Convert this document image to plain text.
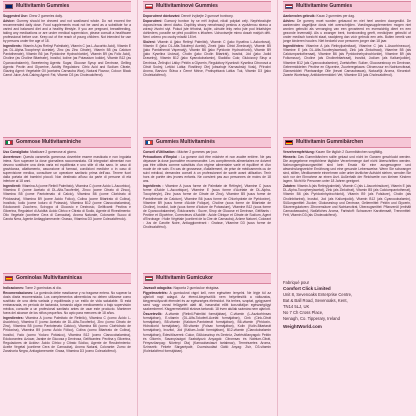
Multivitamin Gummies

Suggested Use: Chew 2 gummies daily.

Advice: Gummy should be chewed and not swallowed whole. Do not exceed the recommended daily dose. Food supplements must not be used as a substitute for a varied and balanced diet and a healthy lifestyle. If you are pregnant, breastfeeding, taking any medications or are under medical supervision, please consult a healthcare professional before use. Keep out of the reach of young children. Not intended for use by persons under the age of 18.

Ingredients: Vitamin A (as Retinyl Palmitate), Vitamin C (as L-Ascorbic Acid), Vitamin E (as DL-Alpha-Tocopheryl Acetate), Zinc (as Zinc Citrate), Vitamin B5 (as Calcium Pantothenate), Vitamin B6 (as Pyridoxine Hydrochloride), Vitamin B9 (as Folic Acid), Choline (as Choline Bitartrate), Inositol, Iodine (as Potassium Iodide), Vitamin B12 (as Cyanocobalamin), Sweetening Agents: Sugar, Glucose Syrup and Dextrose, Gelling Agents: Pectin and Glycerine, Acidity Regulators: Citric Acid and Sodium Citrate, Glazing Agent: Vegetable Oil (contains Carnauba Wax), Natural Flavour, Colour: Black Carrot Juice, Anti-Caking Agent: Fat, Vitamin D3 (as Cholecalciferol).

Gommose Multivitaminiche

Uso Consigliato: Masticare 2 gommose al giorno.

Avvertenze: Questa caramella gommosa dovrebbe essere masticata e non ingoiata intera. Non superare la dose giornaliera raccomandata. Gli integratori alimentari non devono sostituire una dieta varia ed equilibrata e uno stile di vita sano. In caso di gravidanza, allattamento, assunzione di farmaci, condizioni mediche o in caso di supervisione medica, consultare un operatore sanitario prima dell'uso. Tenere fuori dalla portata dei bambini piccoli. Non destinato all'uso da parte di persone di età inferiore ai 18 anni.

Ingredienti: Vitamina A (come Retinil Palmitato), Vitamina C (come Acido L-Ascorbico), Vitamina E (come Acetato di DL-Alfa-Tocoferile), Zinco (come Citrato di Zinco), Vitamina B5 (come Pantotenato di Calcio), Vitamina B6 (come Cloridrato di Piridossina), Vitamina B9 (come Acido Folico), Colina (come Bitartrato di Colina), Inositolo, Iodio (come Ioduro di Potassio), Vitamina B12 (come Cianocobalamina), Edulcoranti: Zucchero, Sciroppo di Glucosio e Destrosio, Gelificanti: Pectina e Glicerina, Regolatori di Acidità: Acido Citrico e Citrato di Sodio, Agente di Rivestimento: Olio Vegetale (contiene Cera di Carnauba), Aroma Naturale, Colorante: Succo di Carota Nera, Agente Antiagglomerante: Grasso, Vitamina D3 (come Colecalciferolo).

Gominolas Multivitamínicas

Indicaciones: Tome 2 gominolas al día.

Recomendaciones: La gominola debe masticarse y no tragarse entera. No superar la dosis diaria recomendada. Los complementos alimenticios no deben utilizarse como sustituto de una dieta variada y equilibrada y un estilo de vida saludable. Si está embarazada, en período de lactancia, tomando algún medicamento o bajo supervisión médica, consulte a un profesional sanitario antes de usar este producto. Mantener fuera del alcance de los niños pequeños. No apto para menores de 18 años.

Ingredientes: Vitamina A (como Palmitato de Retinilo), Vitamina C (como Ácido L-Ascórbico), Vitamina E (como Acetato de DL-Alfa-Tocoferilo), Zinc (como Citrato de Zinc), Vitamina B5 (como Pantotenato Cálcico), Vitamina B6 (como Clorhidrato de Piridoxina), Vitamina B9 (como Ácido Fólico), Colina (como Bitartrato de Colina), Inositol, Yodo (como Yoduro Potásico), Vitamina B12 (como Cianocobalamina), Edulcorantes: Azúcar, Jarabe de Glucosa y Dextrosa, Gelificantes: Pectina y Glicerina, Reguladores de Acidez: Ácido Cítrico y Citrato Sódico, Agente de Recubrimiento: Aceite Vegetal (contiene Cera de Carnauba), Aroma Natural, Colorante: Zumo de Zanahoria Negra, Antiaglomerante: Grasa, Vitamina D3 (como Colecalciferol).

Multivitaminové Gummies

Doporučené dávkování: Denně žvýkejte 2 gumové bonbony.

Doporučení: Gumový bonbon by se měl žvýkat, nikoli polykat celý. Nepřekračujte doporučenou denní dávku. Doplňky stravy nenahrazují pestrou a vyváženou stravu a zdravý životní styl. Pokud jste těhotná, kojíte, užíváte léky nebo jste pod lékařským dohledem, poraďte se před použitím s lékařem. Uchovávejte mimo dosah malých dětí. Není určeno pro osoby mladší 18 let.

Složení: Vitamin A (jako Retinyl Palmitát), Vitamin C (jako Kyselina L-Askorbová), Vitamin E (jako DL-Alfa-Tokoferyl Acetát), Zinek (jako Citrát Zinečnatý), Vitamin B5 (jako Pantothenát Vápenatý), Vitamin B6 (jako Pyridoxin Hydrochlorid), Vitamin B9 (jako Kyselina Listová), Cholin (jako Cholin Bitartrát), Inositol, Jód (jako Jodid Draselný), Vitamin B12 (jako Kyanokobalamin), Sladidla: Cukr, Glukózový Sirup a Dextróza, Želírující Látky: Pektin a Glycerin, Regulátory Kyselosti: Kyselina Citronová a Citrát Sodný, Leštící Látka: Rostlinný Olej (obsahuje Karnaubský Vosk), Přírodní Aroma, Barvivo: Šťáva z Černé Mrkve, Protispékavá Látka: Tuk, Vitamin D3 (jako Cholekalciferol).

Gummies Multivitaminés

Conseil d'Utilisation : Mâcher 2 gommes par jour.

Précautions d'Emploi : La gomme doit être mâchée et non avalée entière. Ne pas dépasser la dose journalière recommandée. Les compléments alimentaires ne doivent pas être utilisés comme substituts d'un régime alimentaire varié et équilibré et d'un mode de vie sain. En cas de grossesse, d'allaitement, de prise de médicaments ou de suivi médical, demandez conseil à un professionnel de santé avant utilisation. Tenir hors de portée des jeunes enfants. Ne convient pas aux personnes de moins de 18 ans.

Ingrédients : Vitamine A (sous forme de Palmitate de Rétinyle), Vitamine C (sous forme d'Acide L-Ascorbique), Vitamine E (sous forme d'Acétate de DL-Alpha-Tocophéryle), Zinc (sous forme de Citrate de Zinc), Vitamine B5 (sous forme de Pantothénate de Calcium), Vitamine B6 (sous forme de Chlorhydrate de Pyridoxine), Vitamine B9 (sous forme d'Acide Folique), Choline (sous forme de Bitartrate de Choline), Inositol, Iode (sous forme d'Iodure de Potassium), Vitamine B12 (sous forme de Cyanocobalamine), Édulcorants : Sucre, Sirop de Glucose et Dextrose, Gélifiants : Pectine et Glycérine, Correcteurs d'Acidité : Acide Citrique et Citrate de Sodium, Agent d'Enrobage : Huile Végétale (contient de la Cire de Carnauba), Arôme Naturel, Colorant : Jus de Carotte Noire, Antiagglomérant : Graisse, Vitamine D3 (sous forme de Cholécalciférol).

Multivitamin Gumicukor

Javasolt adagolás: Naponta 2 gumicukor elrágása.

Figyelmeztetés: A gumicukrot rágni kell, nem egészben lenyelni. Ne lépje túl az ajánlott napi adagot. Az étrend-kiegészítők nem helyettesítik a változatos, kiegyensúlyozott étrendet és az egészséges életmódot. Ha terhes, szoptat, gyógyszert szed vagy orvosi felügyelet alatt áll, használat előtt konzultáljon egészségügyi szakemberrel. Kisgyermekektől elzárva tartandó. 18 éven aluliak számára nem ajánlott.

Összetevők: A-vitamin (Retinil-Palmitát formájában), C-vitamin (L-Aszkorbinsav formájában), E-vitamin (DL-Alfa-Tokoferil-Acetát formájában), Cink (Cink-Citrát formájában), B5-vitamin (Kalcium-Pantotenát formájában), B6-vitamin (Piridoxin-Hidroklorid formájában), B9-vitamin (Folsav formájában), Kolin (Kolin-Bitartarát formájában), Inozitol, Jód (Kálium-Jodid formájában), B12-vitamin (Cianokobalamin formájában), Édesítőszerek: Cukor, Glükózszirup és Dextróz, Zselésítőanyagok: Pektin és Glicerin, Savanyúságot Szabályozó Anyagok: Citromsav és Nátrium-Citrát, Fényezőanyag: Növényi Olaj (Karnaubaviaszt tartalmaz), Természetes Aroma, Színezék: Fekete Sárgarépalé, Csomósodást Gátló Anyag: Zsír, D3-vitamin (Kolekalciferol formájában).

Multivitamine Gummies

Aanbevolen gebruik: Kauw 2 gummies per dag.

Advies: De gummy moet worden gekauwd en niet heel worden doorgeslikt. De aanbevolen dagelijkse dosis niet overschrijden. Voedingssupplementen mogen niet worden gebruikt als vervanging van een gevarieerd en evenwichtig dieet en een gezonde levensstijl. Als u zwanger bent, borstvoeding geeft, medicijnen gebruikt of onder medisch toezicht staat, raadpleeg dan vóór gebruik een arts. Buiten bereik van jonge kinderen houden. Niet bedoeld voor personen jonger dan 18 jaar.

Ingrediënten: Vitamine A (als Retinylpalmitaat), Vitamine C (als L-Ascorbinezuur), Vitamine E (als DL-Alfa-Tocoferylacetaat), Zink (als Zinkcitraat), Vitamine B5 (als Calciumpantothenaat), Vitamine B6 (als Pyridoxinehydrochloride), Vitamine B9 (als Foliumzuur), Choline (als Cholinebitartraat), Inositol, Jodium (als Kaliumjodide), Vitamine B12 (als Cyanocobalamine), Zoetstoffen: Suiker, Glucosestroop en Dextrose, Geleermiddelen: Pectine en Glycerine, Zuurteregelaars: Citroenzuur en Natriumcitraat, Glansmiddel: Plantaardige Olie (bevat Carnaubawas), Natuurlijk Aroma, Kleurstof: Zwarte Wortelsap, Antiklontermiddel: Vet, Vitamine D3 (als Cholecalciferol).

Multivitamin Gummibärchen

Verzehrempfehlung: Kauen Sie täglich 2 Gummibärchen sorgfältig.

Hinweis: Das Gummibärchen sollte gekaut und nicht im Ganzen geschluckt werden. Die angegebene empfohlene tägliche Verzehrmenge darf nicht überschritten werden. Nahrungsergänzungsmittel sind kein Ersatz für eine ausgewogene und abwechslungsreiche Ernährung und eine gesunde Lebensweise. Wenn Sie schwanger sind, stillen, Medikamente einnehmen oder unter ärztlicher Aufsicht stehen, wenden Sie sich vor der Einnahme an einen Arzt. Außerhalb der Reichweite von kleinen Kindern lagern. Nicht für Personen unter 18 Jahren geeignet.

Zutaten: Vitamin A (als Retinylpalmitat), Vitamin C (als L-Ascorbinsäure), Vitamin E (als DL-Alpha-Tocopherylacetat), Zink (als Zinkcitrat), Vitamin B5 (als Calciumpantothenat), Vitamin B6 (als Pyridoxinhydrochlorid), Vitamin B9 (als Folsäure), Cholin (als Cholinbitartrat), Inositol, Jod (als Kaliumjodid), Vitamin B12 (als Cyanocobalamin), Süßungsmittel: Zucker, Glukosesirup und Dextrose, Geliermittel: Pektin und Glycerin, Säureregulatoren: Zitronensäure und Natriumcitrat, Überzugsmittel: Pflanzenöl (enthält Carnaubawachs), Natürliches Aroma, Farbstoff: Schwarzer Karottensaft, Trennmittel: Fett, Vitamin D3 (als Cholecalciferol).

Fabriqué pour
Comfort Click Limited
Unit 8, Sevenoaks Enterprise Centre,
Bat & Ball Road, Sevenoaks, Kent,
TN14 5LJ, UK
No 7 Ch Cross Place,
Nenagh, Co. Tipperary, Ireland
WeightWorld.com
